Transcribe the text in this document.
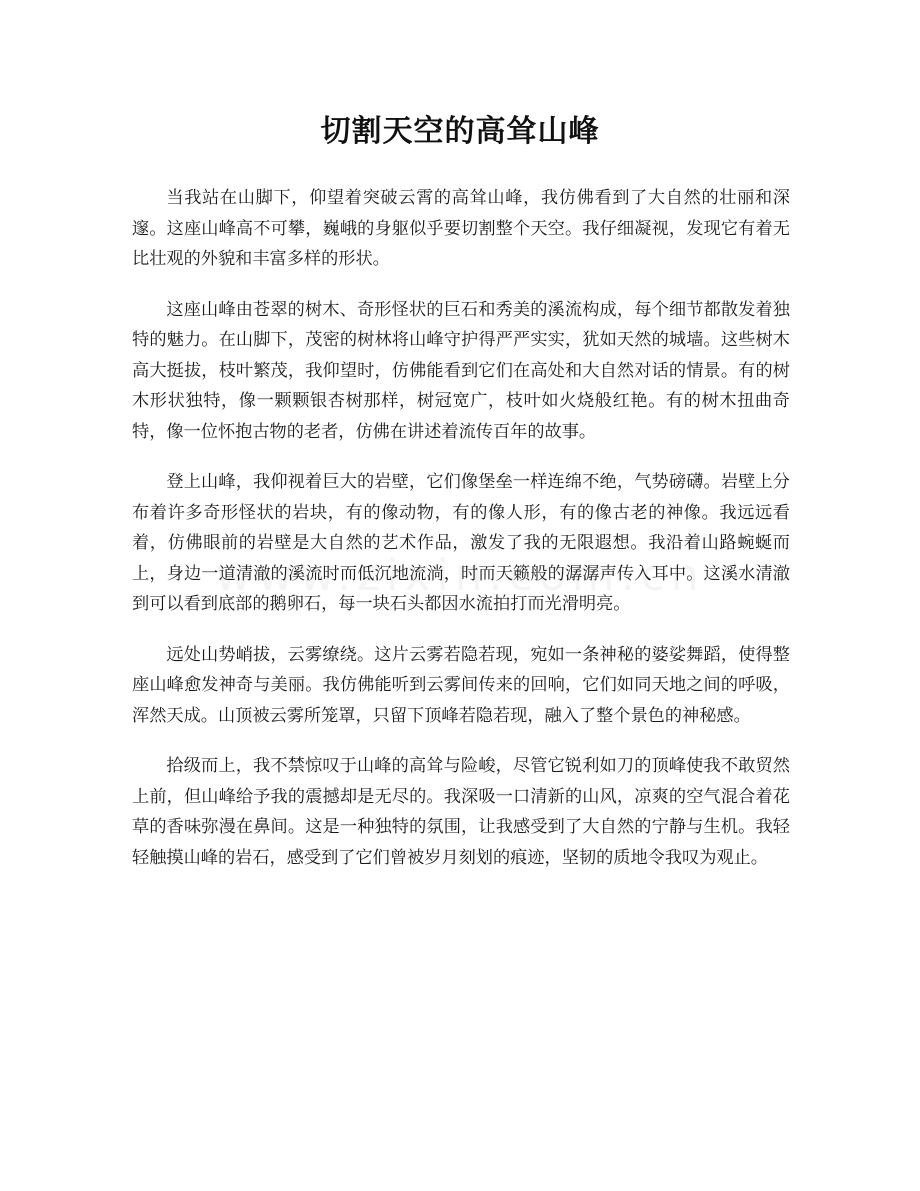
切割天空的高耸山峰

当我站在山脚下，仰望着突破云霄的高耸山峰，我仿佛看到了大自然的壮丽和深邃。这座山峰高不可攀，巍峨的身躯似乎要切割整个天空。我仔细凝视，发现它有着无比壮观的外貌和丰富多样的形状。

这座山峰由苍翠的树木、奇形怪状的巨石和秀美的溪流构成，每个细节都散发着独特的魅力。在山脚下，茂密的树林将山峰守护得严严实实，犹如天然的城墙。这些树木高大挺拔，枝叶繁茂，我仰望时，仿佛能看到它们在高处和大自然对话的情景。有的树木形状独特，像一颗颗银杏树那样，树冠宽广，枝叶如火烧般红艳。有的树木扭曲奇特，像一位怀抱古物的老者，仿佛在讲述着流传百年的故事。

登上山峰，我仰视着巨大的岩壁，它们像堡垒一样连绵不绝，气势磅礴。岩壁上分布着许多奇形怪状的岩块，有的像动物，有的像人形，有的像古老的神像。我远远看着，仿佛眼前的岩壁是大自然的艺术作品，激发了我的无限遐想。我沿着山路蜿蜒而上，身边一道清澈的溪流时而低沉地流淌，时而天籁般的潺潺声传入耳中。这溪水清澈到可以看到底部的鹅卵石，每一块石头都因水流拍打而光滑明亮。

远处山势峭拔，云雾缭绕。这片云雾若隐若现，宛如一条神秘的婆娑舞蹈，使得整座山峰愈发神奇与美丽。我仿佛能听到云雾间传来的回响，它们如同天地之间的呼吸，浑然天成。山顶被云雾所笼罩，只留下顶峰若隐若现，融入了整个景色的神秘感。

拾级而上，我不禁惊叹于山峰的高耸与险峻，尽管它锐利如刀的顶峰使我不敢贸然上前，但山峰给予我的震撼却是无尽的。我深吸一口清新的山风，凉爽的空气混合着花草的香味弥漫在鼻间。这是一种独特的氛围，让我感受到了大自然的宁静与生机。我轻轻触摸山峰的岩石，感受到了它们曾被岁月刻划的痕迹，坚韧的质地令我叹为观止。
